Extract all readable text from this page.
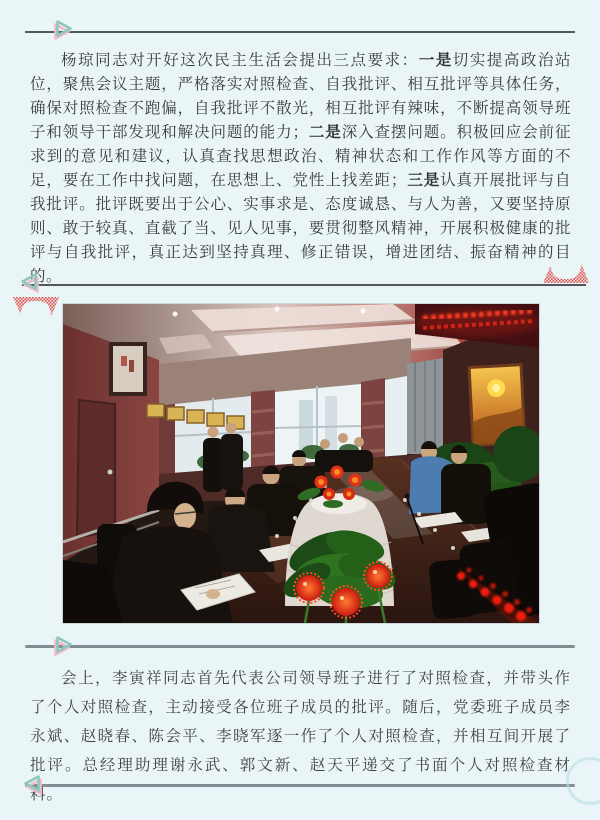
杨琼同志对开好这次民主生活会提出三点要求：一是切实提高政治站位，聚焦会议主题，严格落实对照检查、自我批评、相互批评等具体任务，确保对照检查不跑偏，自我批评不散光，相互批评有辣味，不断提高领导班子和领导干部发现和解决问题的能力；二是深入查摆问题。积极回应会前征求到的意见和建议，认真查找思想政治、精神状态和工作作风等方面的不足，要在工作中找问题，在思想上、党性上找差距；三是认真开展批评与自我批评。批评既要出于公心、实事求是、态度诚恳、与人为善，又要坚持原则、敢于较真、直截了当、见人见事，要贯彻整风精神，开展积极健康的批评与自我批评，真正达到坚持真理、修正错误，增进团结、振奋精神的目的。

会上，李寅祥同志首先代表公司领导班子进行了对照检查，并带头作了个人对照检查，主动接受各位班子成员的批评。随后，党委班子成员李永斌、赵晓春、陈会平、李晓军逐一作了个人对照检查，并相互间开展了批评。总经理助理谢永武、郭文新、赵天平递交了书面个人对照检查材料。
